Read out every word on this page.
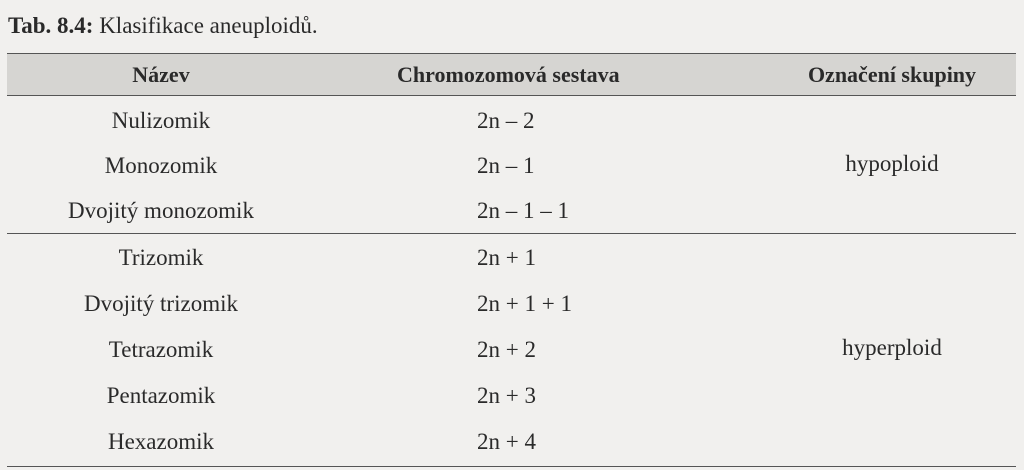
Tab. 8.4: Klasifikace aneuploidů.
Název	Chromozomová sestava	Označení skupiny
Nulizomik	2n – 2
Monozomik	2n – 1
Dvojitý monozomik	2n – 1 – 1
hypoploid
Trizomik	2n + 1
Dvojitý trizomik	2n + 1 + 1
Tetrazomik	2n + 2
Pentazomik	2n + 3
Hexazomik	2n + 4
hyperploid
